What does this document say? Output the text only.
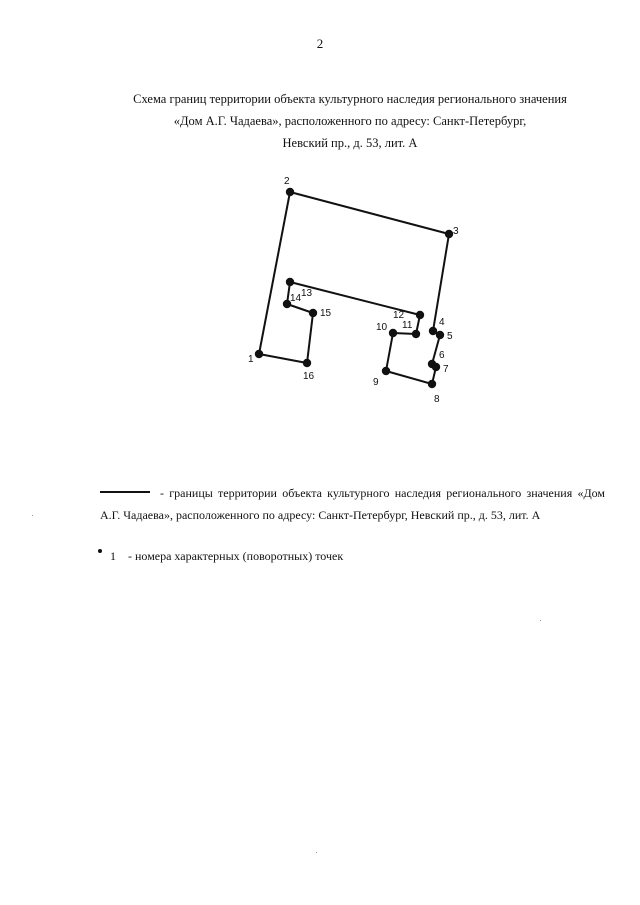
2
Схема границ территории объекта культурного наследия регионального значения
«Дом А.Г. Чадаева», расположенного по адресу: Санкт-Петербург,
Невский пр., д. 53, лит. А
1
2
3
4
5
6
7
8
9
10 11
12
13
14
15
16
- границы территории объекта культурного наследия регионального значения «Дом А.Г. Чадаева», расположенного по адресу: Санкт-Петербург, Невский пр., д. 53, лит. А
1 - номера характерных (поворотных) точек
